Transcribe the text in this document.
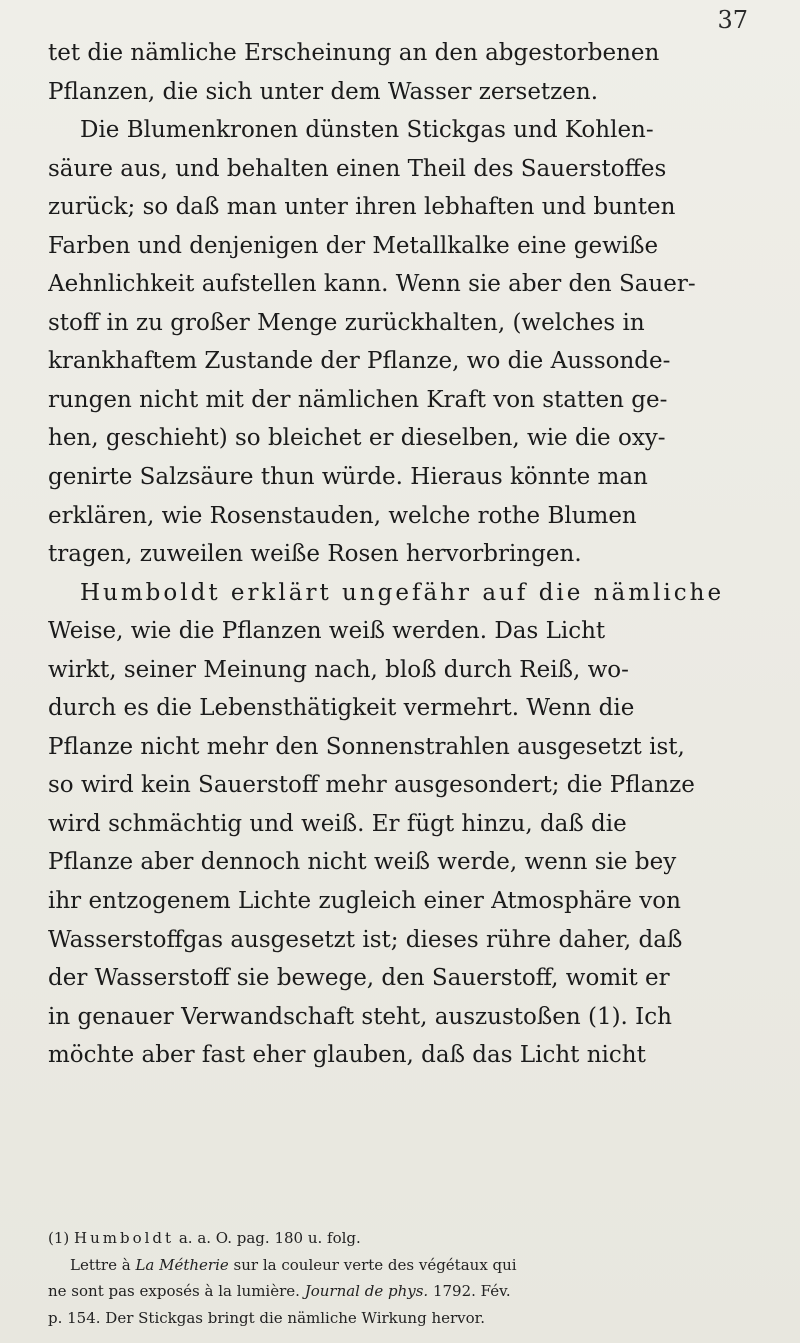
37
tet die nämliche Erscheinung an den abgestorbenen
Pflanzen, die sich unter dem Wasser zersetzen.
Die Blumenkronen dünsten Stickgas und Kohlen-
säure aus, und behalten einen Theil des Sauerstoffes
zurück; so daß man unter ihren lebhaften und bunten
Farben und denjenigen der Metallkalke eine gewiße
Aehnlichkeit aufstellen kann. Wenn sie aber den Sauer-
stoff in zu großer Menge zurückhalten, (welches in
krankhaftem Zustande der Pflanze, wo die Aussonde-
rungen nicht mit der nämlichen Kraft von statten ge-
hen, geschieht) so bleichet er dieselben, wie die oxy-
genirte Salzsäure thun würde. Hieraus könnte man
erklären, wie Rosenstauden, welche rothe Blumen
tragen, zuweilen weiße Rosen hervorbringen.
Humboldt erklärt ungefähr auf die nämliche
Weise, wie die Pflanzen weiß werden. Das Licht
wirkt, seiner Meinung nach, bloß durch Reiß, wo-
durch es die Lebensthätigkeit vermehrt. Wenn die
Pflanze nicht mehr den Sonnenstrahlen ausgesetzt ist,
so wird kein Sauerstoff mehr ausgesondert; die Pflanze
wird schmächtig und weiß. Er fügt hinzu, daß die
Pflanze aber dennoch nicht weiß werde, wenn sie bey
ihr entzogenem Lichte zugleich einer Atmosphäre von
Wasserstoffgas ausgesetzt ist; dieses rühre daher, daß
der Wasserstoff sie bewege, den Sauerstoff, womit er
in genauer Verwandschaft steht, auszustoßen (1). Ich
möchte aber fast eher glauben, daß das Licht nicht
(1) Humboldt a. a. O. pag. 180 u. folg.
Lettre à La Métherie sur la couleur verte des végétaux qui
ne sont pas exposés à la lumière. Journal de phys. 1792. Fév.
p. 154. Der Stickgas bringt die nämliche Wirkung hervor.
